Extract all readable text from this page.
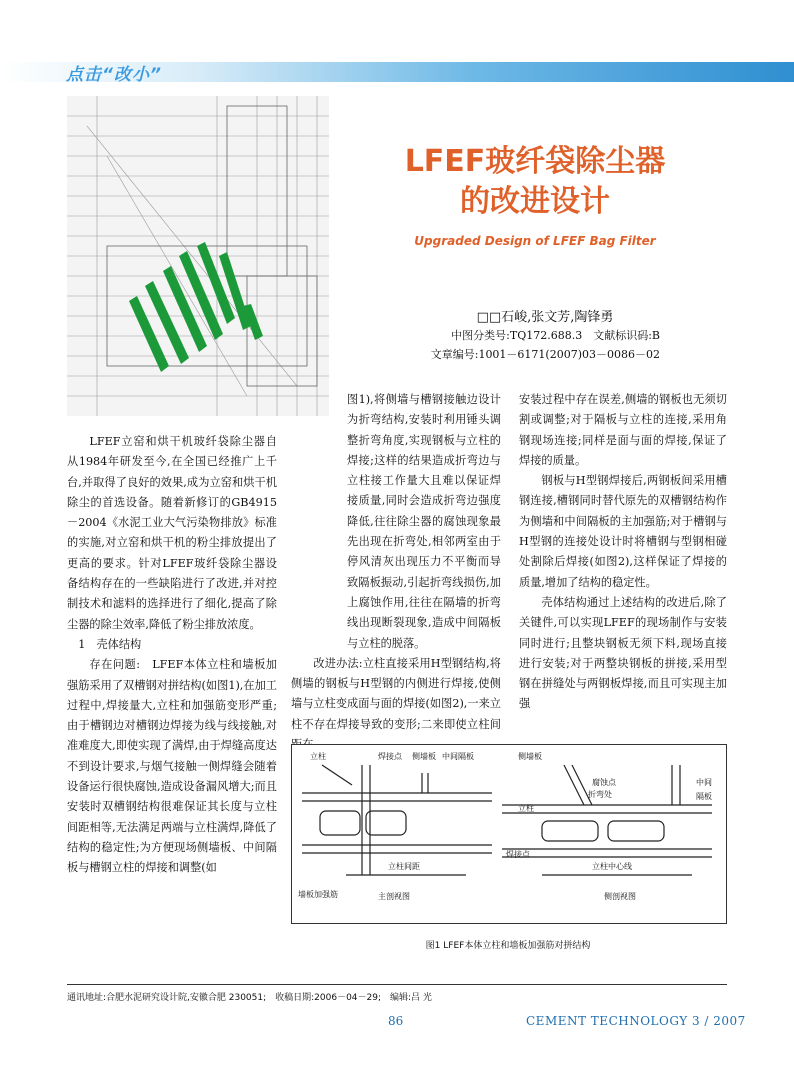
点击“改小”
LFEF玻纤袋除尘器
的改进设计
Upgraded Design of LFEF Bag Filter
□□石峻,张文芳,陶锋勇
中图分类号:TQ172.688.3　文献标识码:B
文章编号:1001－6171(2007)03－0086－02

LFEF立窑和烘干机玻纤袋除尘器自从1984年研发至今,在全国已经推广上千台,并取得了良好的效果,成为立窑和烘干机除尘的首选设备。随着新修订的GB4915－2004《水泥工业大气污染物排放》标准的实施,对立窑和烘干机的粉尘排放提出了更高的要求。针对LFEF玻纤袋除尘器设备结构存在的一些缺陷进行了改进,并对控制技术和滤料的选择进行了细化,提高了除尘器的除尘效率,降低了粉尘排放浓度。

1　壳体结构

存在问题:　LFEF本体立柱和墙板加强筋采用了双槽钢对拼结构(如图1),在加工过程中,焊接量大,立柱和加强筋变形严重;由于槽钢边对槽钢边焊接为线与线接触,对准难度大,即使实现了满焊,由于焊缝高度达不到设计要求,与烟气接触一侧焊缝会随着设备运行很快腐蚀,造成设备漏风增大;而且安装时双槽钢结构很难保证其长度与立柱间距相等,无法满足两端与立柱满焊,降低了结构的稳定性;为方便现场侧墙板、中间隔板与槽钢立柱的焊接和调整(如

图1),将侧墙与槽钢接触边设计为折弯结构,安装时利用锤头调整折弯角度,实现钢板与立柱的焊接;这样的结果造成折弯边与立柱接工作量大且难以保证焊接质量,同时会造成折弯边强度降低,往往除尘器的腐蚀现象最先出现在折弯处,相邻两室由于停风清灰出现压力不平衡而导致隔板振动,引起折弯线损伤,加上腐蚀作用,往往在隔墙的折弯线出现断裂现象,造成中间隔板与立柱的脱落。

改进办法:立柱直接采用H型钢结构,将侧墙的钢板与H型钢的内侧进行焊接,使侧墙与立柱变成面与面的焊接(如图2),一来立柱不存在焊接导致的变形;二来即使立柱间

安装过程中存在误差,侧墙的钢板也无须切割或调整;对于隔板与立柱的连接,采用角钢现场连接;同样是面与面的焊接,保证了焊接的质量。

钢板与H型钢焊接后,两钢板间采用槽钢连接,槽钢同时替代原先的双槽钢结构作为侧墙和中间隔板的主加强筋;对于槽钢与H型钢的连接处设计时将槽钢与型钢相碰处割除后焊接(如图2),这样保证了焊接的质量,增加了结构的稳定性。

壳体结构通过上述结构的改进后,除了关键件,可以实现LFEF的现场制作与安装同时进行;且整块钢板无须下料,现场直接进行安装;对于两整块钢板的拼接,采用型钢在拼缝处与两钢板焊接,而且可实现主加强

立柱	焊接点 侧墙板 中间隔板
墙板加强筋
立柱间距
主剖视图
侧墙板
腐蚀点
折弯处
立柱
中间
隔板
焊接点
立柱中心线
侧剖视图
图1 LFEF本体立柱和墙板加强筋对拼结构
通讯地址:合肥水泥研究设计院,安徽合肥 230051;　收稿日期:2006－04－29;　编辑:吕 光
86	CEMENT TECHNOLOGY 3 / 2007
